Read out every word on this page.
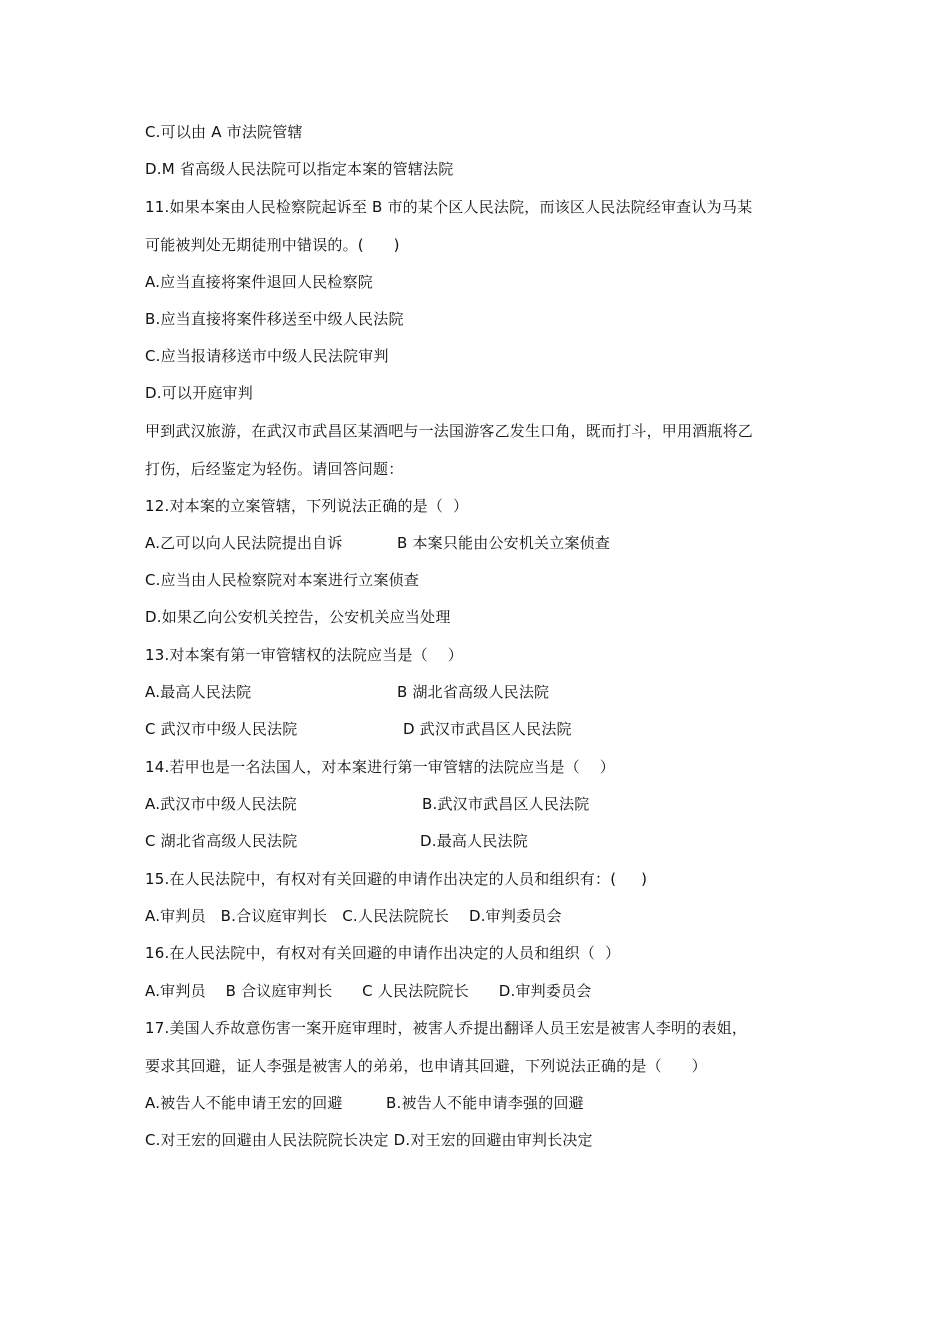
C.可以由 A 市法院管辖
D.M 省高级人民法院可以指定本案的管辖法院
11.如果本案由人民检察院起诉至 B 市的某个区人民法院，而该区人民法院经审查认为马某
可能被判处无期徒刑中错误的。(      )
A.应当直接将案件退回人民检察院
B.应当直接将案件移送至中级人民法院
C.应当报请移送市中级人民法院审判
D.可以开庭审判
甲到武汉旅游，在武汉市武昌区某酒吧与一法国游客乙发生口角，既而打斗，甲用酒瓶将乙
打伤，后经鉴定为轻伤。请回答问题：
12.对本案的立案管辖，下列说法正确的是（  ）

A.乙可以向人民法院提出自诉

	B 本案只能由公安机关立案侦查

C.应当由人民检察院对本案进行立案侦查
D.如果乙向公安机关控告，公安机关应当处理
13.对本案有第一审管辖权的法院应当是（    ）

A.最高人民法院

	B 湖北省高级人民法院

C 武汉市中级人民法院

	D 武汉市武昌区人民法院

14.若甲也是一名法国人，对本案进行第一审管辖的法院应当是（    ）

A.武汉市中级人民法院

	B.武汉市武昌区人民法院

C 湖北省高级人民法院

	D.最高人民法院

15.在人民法院中，有权对有关回避的申请作出决定的人员和组织有：(     )
A.审判员   B.合议庭审判长   C.人民法院院长    D.审判委员会
16.在人民法院中，有权对有关回避的申请作出决定的人员和组织（  ）
A.审判员    B 合议庭审判长      C 人民法院院长      D.审判委员会
17.美国人乔故意伤害一案开庭审理时，被害人乔提出翻译人员王宏是被害人李明的表姐，
要求其回避，证人李强是被害人的弟弟，也申请其回避，下列说法正确的是（      ）

A.被告人不能申请王宏的回避

	B.被告人不能申请李强的回避

C.对王宏的回避由人民法院院长决定 D.对王宏的回避由审判长决定
